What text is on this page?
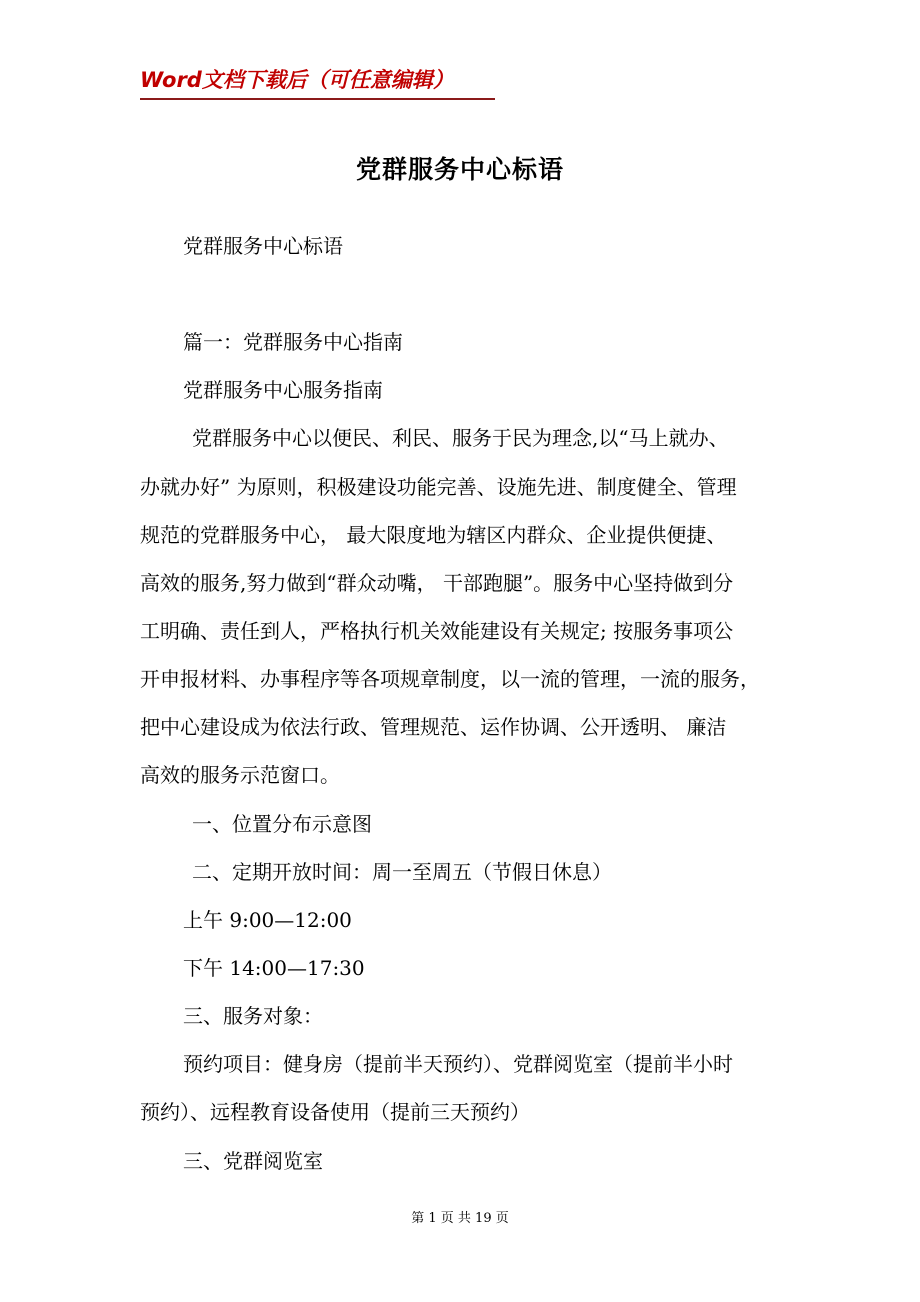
Word文档下载后（可任意编辑）
党群服务中心标语
党群服务中心标语
篇一：党群服务中心指南
党群服务中心服务指南
党群服务中心以便民、利民、服务于民为理念,以“马上就办、
办就办好” 为原则，积极建设功能完善、设施先进、制度健全、管理
规范的党群服务中心， 最大限度地为辖区内群众、企业提供便捷、
高效的服务,努力做到“群众动嘴， 干部跑腿”。服务中心坚持做到分
工明确、责任到人，严格执行机关效能建设有关规定; 按服务事项公
开申报材料、办事程序等各项规章制度，以一流的管理，一流的服务，
把中心建设成为依法行政、管理规范、运作协调、公开透明、 廉洁
高效的服务示范窗口。
一、位置分布示意图
二、定期开放时间：周一至周五（节假日休息）
上午 9:00—12:00
下午 14:00—17:30
三、服务对象：
预约项目：健身房（提前半天预约）、党群阅览室（提前半小时
预约）、远程教育设备使用（提前三天预约）
三、党群阅览室
第 1 页 共 19 页
